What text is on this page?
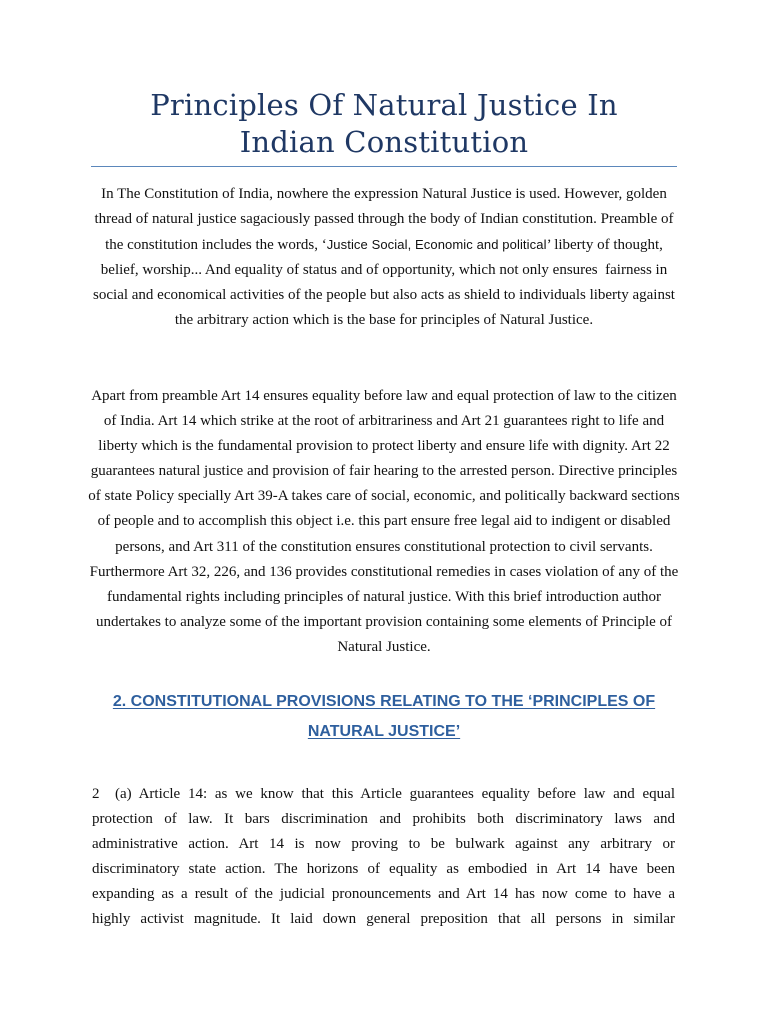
Principles Of Natural Justice In
Indian Constitution

In The Constitution of India, nowhere the expression Natural Justice is used. However, golden thread of natural justice sagaciously passed through the body of Indian constitution. Preamble of the constitution includes the words, ‘Justice Social, Economic and political’ liberty of thought, belief, worship... And equality of status and of opportunity, which not only ensures  fairness in social and economical activities of the people but also acts as shield to individuals liberty against the arbitrary action which is the base for principles of Natural Justice.

Apart from preamble Art 14 ensures equality before law and equal protection of law to the citizen of India. Art 14 which strike at the root of arbitrariness and Art 21 guarantees right to life and liberty which is the fundamental provision to protect liberty and ensure life with dignity. Art 22 guarantees natural justice and provision of fair hearing to the arrested person. Directive principles of state Policy specially Art 39-A takes care of social, economic, and politically backward sections of people and to accomplish this object i.e. this part ensure free legal aid to indigent or disabled persons, and Art 311 of the constitution ensures constitutional protection to civil servants. Furthermore Art 32, 226, and 136 provides constitutional remedies in cases violation of any of the fundamental rights including principles of natural justice. With this brief introduction author undertakes to analyze some of the important provision containing some elements of Principle of Natural Justice.

2. CONSTITUTIONAL PROVISIONS RELATING TO THE ‘PRINCIPLES OF
NATURAL JUSTICE’
2  (a) Article 14: as we know that this Article guarantees equality before law and equal
protection of law. It bars discrimination and prohibits both discriminatory laws and
administrative action. Art 14 is now proving to be bulwark against any arbitrary or
discriminatory state action. The horizons of equality as embodied in Art 14 have been
expanding as a result of the judicial pronouncements and Art 14 has now come to have a
highly activist magnitude. It laid down general preposition that all persons in similar
